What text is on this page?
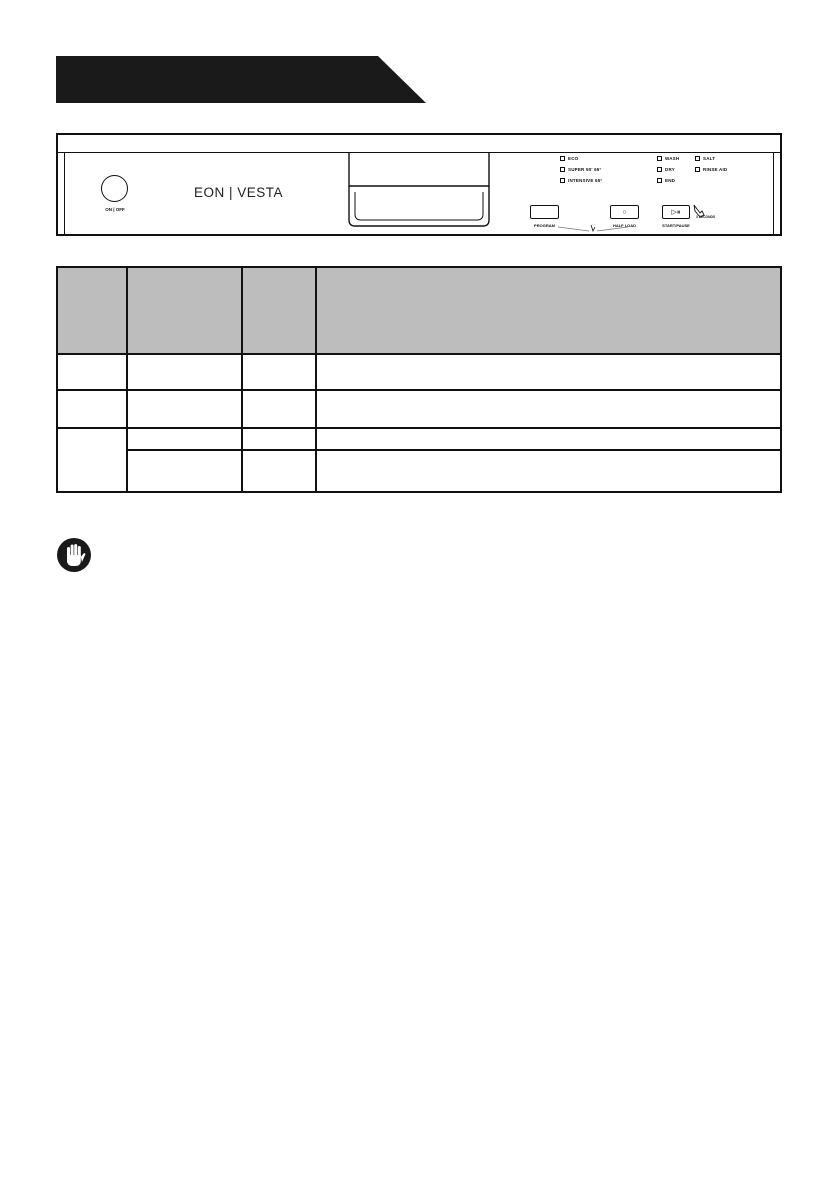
ON | OFF
EON | VESTA
ECO
SUPER 50' 65°
INTENSIVE 65°
WASH
DRY
END
SALT
RINSE AID
PROGRAM
○
HALF LOAD
▷⏸
START/PAUSE
3 SECONDS
